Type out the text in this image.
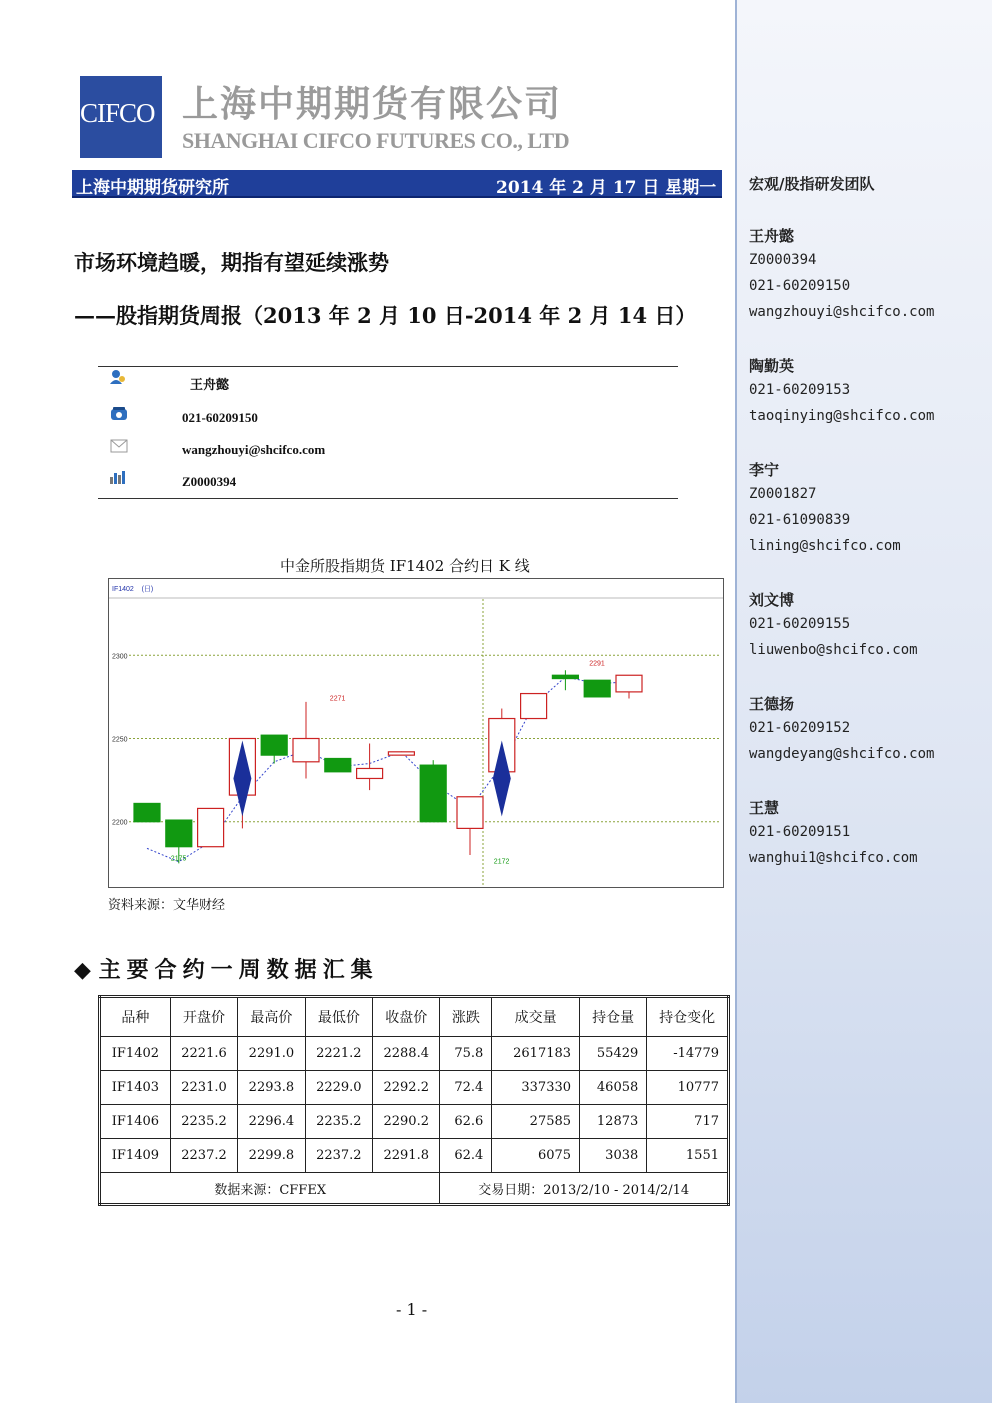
宏观/股指研发团队
王舟懿
Z0000394
021-60209150
wangzhouyi@shcifco.com
陶勤英
021-60209153
taoqinying@shcifco.com
李宁
Z0001827
021-61090839
lining@shcifco.com
刘文博
021-60209155
liuwenbo@shcifco.com
王德扬
021-60209152
wangdeyang@shcifco.com
王慧
021-60209151
wanghui1@shcifco.com
CIFCO 上海中期期货有限公司
SHANGHAI CIFCO FUTURES CO., LTD
上海中期期货研究所	2014 年 2 月 17 日 星期一
市场环境趋暖，期指有望延续涨势
——股指期货周报（2013 年 2 月 10 日-2014 年 2 月 14 日）
王舟懿
021-60209150
wangzhouyi@shcifco.com
Z0000394
中金所股指期货 IF1402 合约日 K 线
IF1402    (日)
2300
2250
2200
2271
2175	2172
2291
资料来源：文华财经
◆ 主要合约一周数据汇集
品种	开盘价	最高价	最低价	收盘价	涨跌	成交量	持仓量	持仓变化
IF1402	2221.6	2291.0	2221.2	2288.4	75.8	2617183	55429	-14779
IF1403	2231.0	2293.8	2229.0	2292.2	72.4	337330	46058	10777
IF1406	2235.2	2296.4	2235.2	2290.2	62.6	27585	12873	717
IF1409	2237.2	2299.8	2237.2	2291.8	62.4	6075	3038	1551
数据来源：CFFEX					交易日期：2013/2/10 - 2014/2/14			
- 1 -
